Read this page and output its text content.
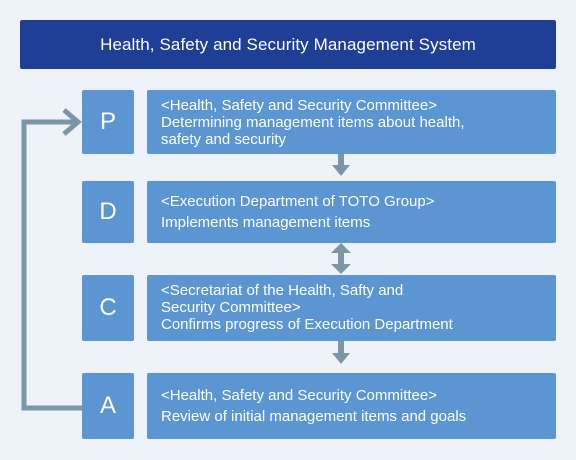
Health, Safety and Security Management System
P
<Health, Safety and Security Committee>
Determining management items about health,
safety and security
D	<Execution Department of TOTO Group>
Implements management items
C
<Secretariat of the Health, Safty and
Security Committee>
Confirms progress of Execution Department
A	<Health, Safety and Security Committee>
Review of initial management items and goals
